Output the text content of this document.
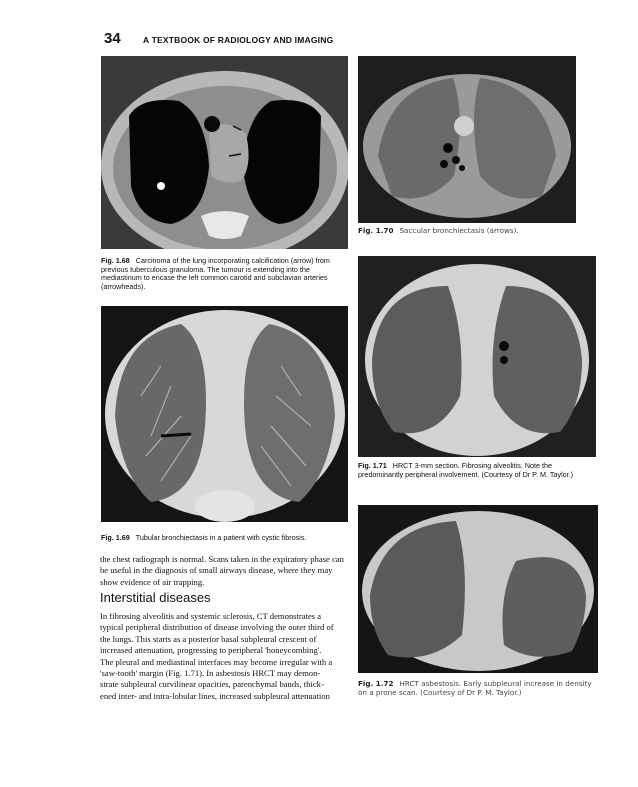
34	A TEXTBOOK OF RADIOLOGY AND IMAGING
Fig. 1.68 Carcinoma of the lung incorporating calcification (arrow) from previous tuberculous granuloma. The tumour is extending into the mediastinum to encase the left common carotid and subclavian arteries (arrowheads).
Fig. 1.69 Tubular bronchiectasis in a patient with cystic fibrosis.
the chest radiograph is normal. Scans taken in the expiratory phase can be useful in the diagnosis of small airways disease, where they may show evidence of air trapping.
Interstitial diseases

In fibrosing alveolitis and systemic sclerosis, CT demonstrates a

typical peripheral distribution of disease involving the outer third of

the lungs. This starts as a posterior basal subpleural crescent of

increased attenuation, progressing to peripheral 'honeycombing'.

The pleural and mediastinal interfaces may become irregular with a

'saw-tooth' margin (Fig. 1.71). In asbestosis HRCT may demon-

strate subpleural curvilinear opacities, parenchymal bands, thick-

ened inter- and intra-lobular lines, increased subpleural attenuation

Fig. 1.70 Saccular bronchiectasis (arrows).
Fig. 1.71 HRCT 3-mm section. Fibrosing alveolitis. Note the predominantly peripheral involvement. (Courtesy of Dr P. M. Taylor.)
Fig. 1.72 HRCT asbestosis. Early subpleural increase in density on a prone scan. (Courtesy of Dr P. M. Taylor.)
